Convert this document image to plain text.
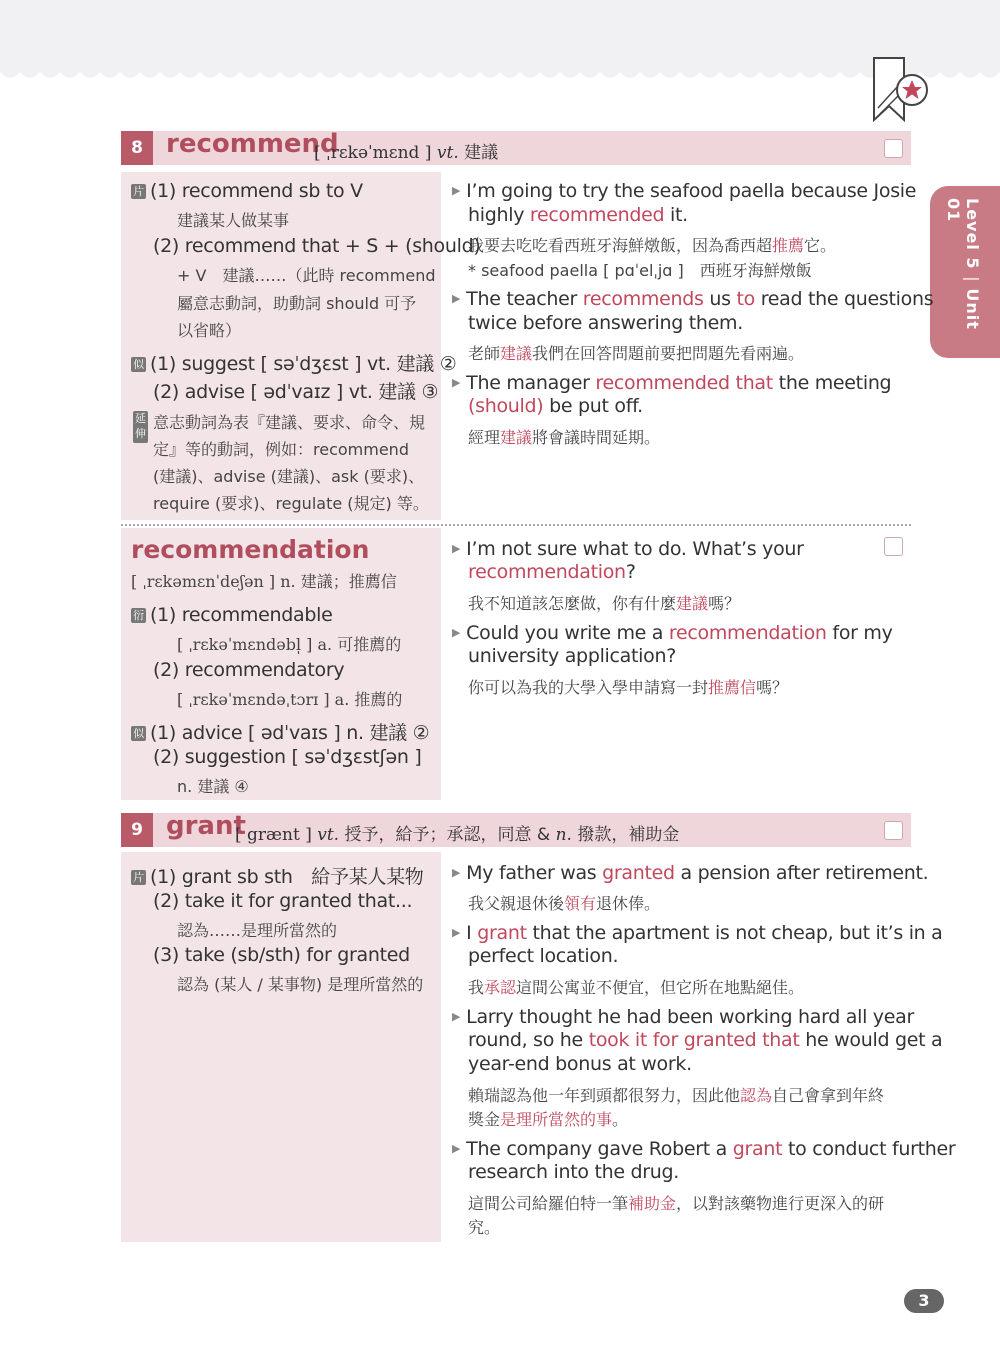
Level 5|Unit 01
8 recommend
[ ˌrɛkəˈmɛnd ] vt. 建議
片 (1) recommend sb to V
建議某人做某事
(2) recommend that + S + (should)
+ V　建議……（此時 recommend
屬意志動詞，助動詞 should 可予
以省略）
似 (1) suggest [ səˈdʒɛst ] vt. 建議 ②
(2) advise [ ədˈvaɪz ] vt. 建議 ③
延伸
意志動詞為表『建議、要求、命令、規
定』等的動詞，例如：recommend
(建議)、advise (建議)、ask (要求)、
require (要求)、regulate (規定) 等。
▶ I’m going to try the seafood paella because Josie
highly recommended it.
我要去吃吃看西班牙海鮮燉飯，因為喬西超推薦它。
* seafood paella [ pɑˈelˌjɑ ]　西班牙海鮮燉飯
▶ The teacher recommends us to read the questions
twice before answering them.
老師建議我們在回答問題前要把問題先看兩遍。
▶ The manager recommended that the meeting
(should) be put off.
經理建議將會議時間延期。
recommendation
[ ˌrɛkəmɛnˈdeʃən ] n. 建議；推薦信
衍 (1) recommendable
[ ˌrɛkəˈmɛndəbl̩ ] a. 可推薦的
(2) recommendatory
[ ˌrɛkəˈmɛndəˌtɔrɪ ] a. 推薦的
似 (1) advice [ ədˈvaɪs ] n. 建議 ②
(2) suggestion [ səˈdʒɛstʃən ]
n. 建議 ④
▶ I’m not sure what to do. What’s your
recommendation?
我不知道該怎麼做，你有什麼建議嗎？
▶ Could you write me a recommendation for my
university application?
你可以為我的大學入學申請寫一封推薦信嗎？
9 grant
[ grænt ] vt. 授予，給予；承認，同意 & n. 撥款，補助金
片 (1) grant sb sth　給予某人某物
(2) take it for granted that...
認為……是理所當然的
(3) take (sb/sth) for granted
認為 (某人 / 某事物) 是理所當然的
▶ My father was granted a pension after retirement.
我父親退休後領有退休俸。
▶ I grant that the apartment is not cheap, but it’s in a
perfect location.
我承認這間公寓並不便宜，但它所在地點絕佳。
▶ Larry thought he had been working hard all year
round, so he took it for granted that he would get a
year-end bonus at work.
賴瑞認為他一年到頭都很努力，因此他認為自己會拿到年終
獎金是理所當然的事。
▶ The company gave Robert a grant to conduct further
research into the drug.
這間公司給羅伯特一筆補助金，以對該藥物進行更深入的研
究。
3
